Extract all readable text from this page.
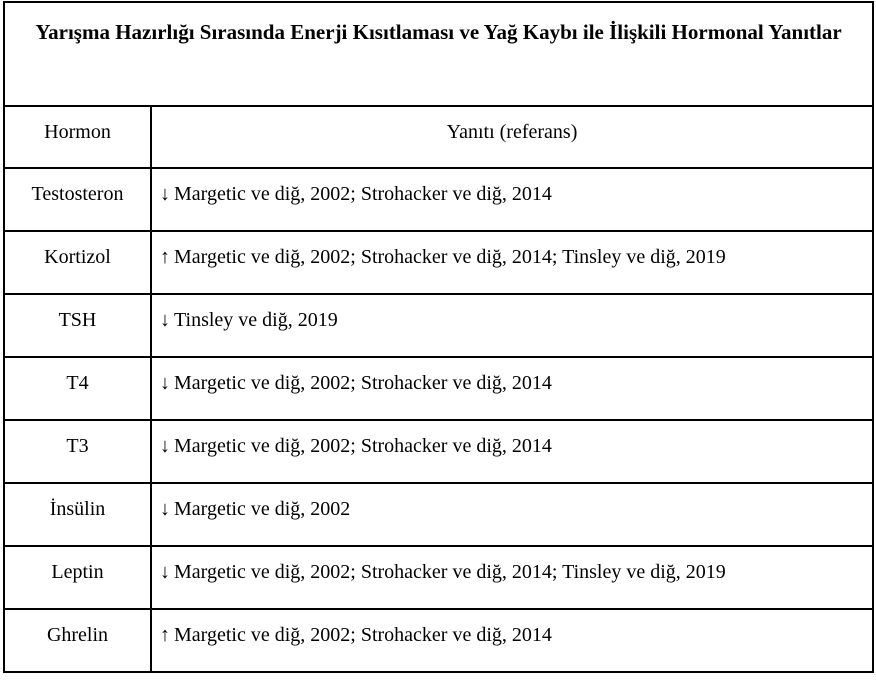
Yarışma Hazırlığı Sırasında Enerji Kısıtlaması ve Yağ Kaybı ile İlişkili Hormonal Yanıtlar	
Hormon	Yanıtı (referans)
Testosteron	↓ Margetic ve diğ, 2002; Strohacker ve diğ, 2014
Kortizol	↑ Margetic ve diğ, 2002; Strohacker ve diğ, 2014; Tinsley ve diğ, 2019
TSH	↓ Tinsley ve diğ, 2019
T4	↓ Margetic ve diğ, 2002; Strohacker ve diğ, 2014
T3	↓ Margetic ve diğ, 2002; Strohacker ve diğ, 2014
İnsülin	↓ Margetic ve diğ, 2002
Leptin	↓ Margetic ve diğ, 2002; Strohacker ve diğ, 2014; Tinsley ve diğ, 2019
Ghrelin	↑ Margetic ve diğ, 2002; Strohacker ve diğ, 2014
